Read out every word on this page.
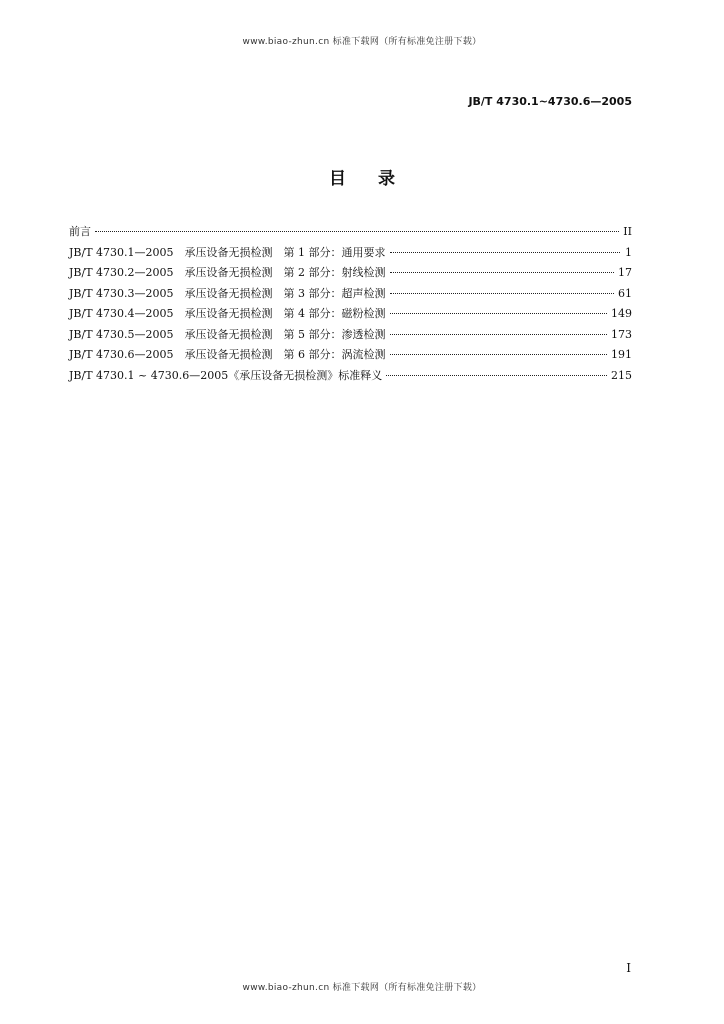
www.biao-zhun.cn 标准下载网（所有标准免注册下载）
JB/T 4730.1~4730.6—2005
目录
前言	II
JB/T 4730.1—2005　承压设备无损检测　第 1 部分：通用要求	1
JB/T 4730.2—2005　承压设备无损检测　第 2 部分：射线检测	17
JB/T 4730.3—2005　承压设备无损检测　第 3 部分：超声检测	61
JB/T 4730.4—2005　承压设备无损检测　第 4 部分：磁粉检测	149
JB/T 4730.5—2005　承压设备无损检测　第 5 部分：渗透检测	173
JB/T 4730.6—2005　承压设备无损检测　第 6 部分：涡流检测	191
JB/T 4730.1 ~ 4730.6—2005《承压设备无损检测》标准释义	215
I
www.biao-zhun.cn 标准下载网（所有标准免注册下载）
